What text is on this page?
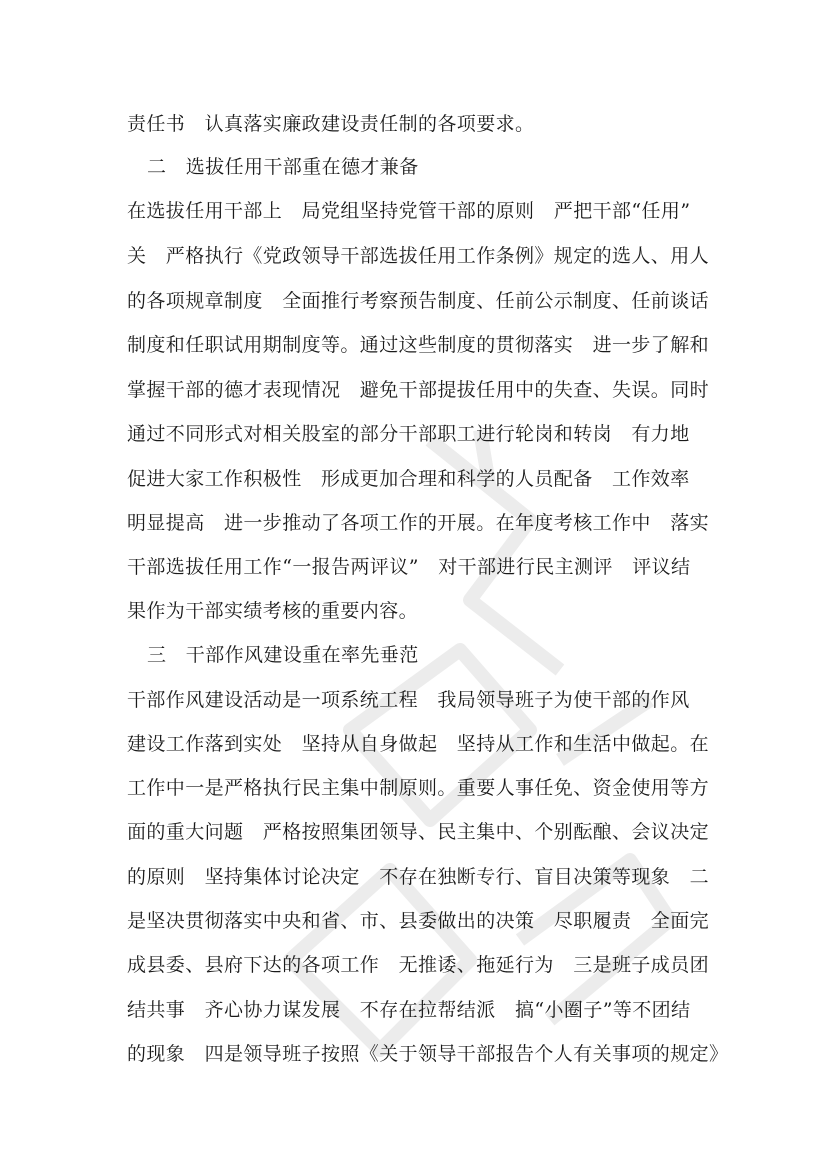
责任书　认真落实廉政建设责任制的各项要求。
二　选拔任用干部重在德才兼备
在选拔任用干部上　局党组坚持党管干部的原则　严把干部“任用”
关　严格执行《党政领导干部选拔任用工作条例》规定的选人、用人
的各项规章制度　全面推行考察预告制度、任前公示制度、任前谈话
制度和任职试用期制度等。通过这些制度的贯彻落实　进一步了解和
掌握干部的德才表现情况　避免干部提拔任用中的失查、失误。同时
通过不同形式对相关股室的部分干部职工进行轮岗和转岗　有力地
促进大家工作积极性　形成更加合理和科学的人员配备　工作效率
明显提高　进一步推动了各项工作的开展。在年度考核工作中　落实
干部选拔任用工作“一报告两评议”　对干部进行民主测评　评议结
果作为干部实绩考核的重要内容。
三　干部作风建设重在率先垂范
干部作风建设活动是一项系统工程　我局领导班子为使干部的作风
建设工作落到实处　坚持从自身做起　坚持从工作和生活中做起。在
工作中一是严格执行民主集中制原则。重要人事任免、资金使用等方
面的重大问题　严格按照集团领导、民主集中、个别酝酿、会议决定
的原则　坚持集体讨论决定　不存在独断专行、盲目决策等现象　二
是坚决贯彻落实中央和省、市、县委做出的决策　尽职履责　全面完
成县委、县府下达的各项工作　无推诿、拖延行为　三是班子成员团
结共事　齐心协力谋发展　不存在拉帮结派　搞“小圈子”等不团结
的现象　四是领导班子按照《关于领导干部报告个人有关事项的规定》
